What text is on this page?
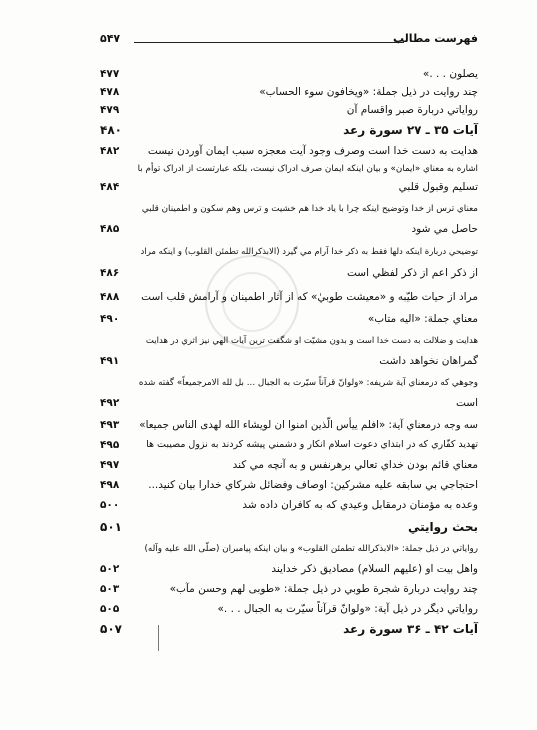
فهرست مطالب
۵۴۷
يصلون . . .»
۴۷۷
چند روايت در ذيل جملة: «ويخافون سوء الحساب»
۴۷۸
رواياتي دربارة صبر واقسام آن
۴۷۹
آيات ۳۵ ـ ۲۷ سورة رعد
۴۸۰
هدايت به دست خدا است وصرف وجود آيت معجزه سبب ايمان آوردن نيست
۴۸۲
اشاره به معناي «ايمان» و بيان اينكه ايمان صرف ادراک نيست، بلکه عبارتست از ادراک توأم با
تسليم وقبول قلبي
۴۸۴
معناي ترس از خدا وتوضيح اينكه چرا با ياد خدا هم خشيت و ترس وهم سکون و اطمينان قلبي
حاصل مي شود
۴۸۵
توضيحي دربارة اينكه دلها فقط به ذکر خدا آرام مي گيرد (الابذکرالله تطمئن القلوب) و اينکه مراد
از ذکر اعم از ذکر لفظي است
۴۸۶
مراد از حيات طيّبه و «معيشت طوبيٰ» که از آثار اطمينان و آرامش قلب است
۴۸۸
معناي جملة: «اليه متاب»
۴۹۰
هدايت و ضلالت به دست خدا است و بدون مشيّت او شگفت ترين آيات الهي نيز اثري در هدايت
گمراهان نخواهد داشت
۴۹۱
وجوهي که درمعناي آية شريفه: «ولوانّ قرآناً سيّرت به الجبال ... بل لله الامرجميعاً» گفته شده
است
۴۹۲
سه وجه درمعناي آية: «افلم ييأس الّذين امنوا ان لويشاء الله لهدى الناس جميعا»
۴۹۳
تهديد کفّاري که در ابتداي دعوت اسلام انکار و دشمني پيشه کردند به نزول مصيبت ها
۴۹۵
معناي قائم بودن خداي تعالي برهرنفس و به آنچه مي کند
۴۹۷
احتجاجي بي سابقه عليه مشرکين: اوصاف وفضائل شرکاي خدارا بيان کنيد...
۴۹۸
وعده به مؤمنان درمقابل وعيدي که به کافران داده شد
۵۰۰
بحث روايتي
۵۰۱
رواياتي در ذيل جملة: «الابذکرالله تطمئن القلوب» و بيان اينكه پيامبران (صلّى الله عليه وآله)
واهل بيت او (عليهم السلام) مصاديق ذکر خدايند
۵۰۲
چند روايت دربارة شجرة طوبي در ذيل جملة: «طوبى لهم وحسن مآب»
۵۰۳
رواياتي ديگر در ذيل آية: «ولوانّ قرآناً سيّرت به الجبال . . .»
۵۰۵
آيات ۴۲ ـ ۳۶ سورة رعد
۵۰۷
